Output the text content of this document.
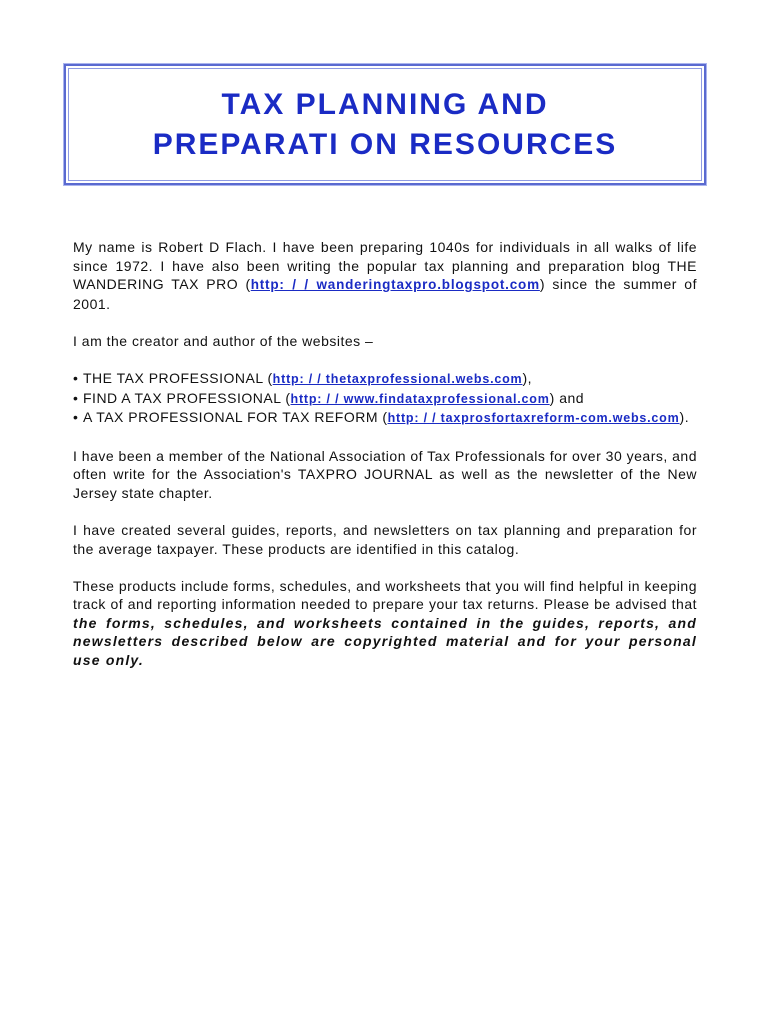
TAX PLANNING AND
PREPARATI ON RESOURCES

My name is Robert D Flach. I have been preparing 1040s for individuals in all walks of life since 1972. I have also been writing the popular tax planning and preparation blog THE WANDERING TAX PRO (http: / / wanderingtaxpro.blogspot.com) since the summer of 2001.

I am the creator and author of the websites –

• THE TAX PROFESSIONAL (http: / / thetaxprofessional.webs.com),
• FIND A TAX PROFESSIONAL (http: / / www.findataxprofessional.com) and
• A TAX PROFESSIONAL FOR TAX REFORM (http: / / taxprosfortaxreform-com.webs.com).

I have been a member of the National Association of Tax Professionals for over 30 years, and often write for the Association's TAXPRO JOURNAL as well as the newsletter of the New Jersey state chapter.

I have created several guides, reports, and newsletters on tax planning and preparation for the average taxpayer. These products are identified in this catalog.

These products include forms, schedules, and worksheets that you will find helpful in keeping track of and reporting information needed to prepare your tax returns. Please be advised that the forms, schedules, and worksheets contained in the guides, reports, and newsletters described below are copyrighted material and for your personal use only.
